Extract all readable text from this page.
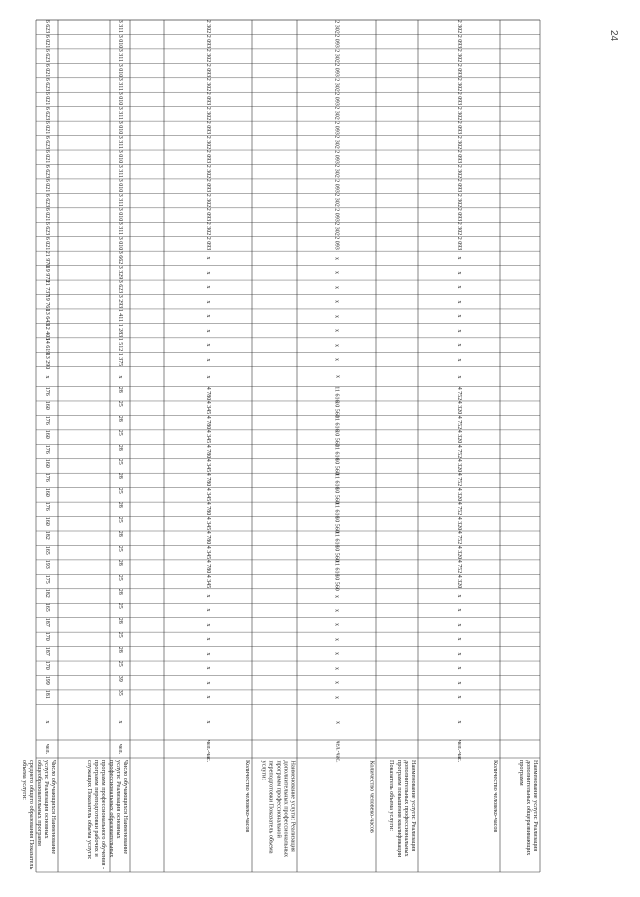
Число обучающихся Наименование услуги: Реализация основных общеобразовательных программ среднего общего образования Показатель объема услуги:
чел.
x
181
199
170
187
170
187
165
182
175
193
165
182
160
176
160
176
160
176
160
176
160
176
x
13 290
14 619
12 403
13 643
19 761
21 737
19 973
21 970
6 021
6 623
6 021
6 623
6 021
6 623
6 021
6 623
6 021
6 623
6 021
6 623
6 021
6 623
6 021
6 623
Число обучающихся Наименование услуги: Реализация основных профессиональных образовательных программ профессионального обучения - программ переподготовки рабочих и служащих Показатель объема услуги:
чел.
x
35
39
25
28
25
28
25
28
25
28
25
28
25
28
25
28
25
28
25
28
25
28
x
1 375
1 512
1 283
1 411
3 293
3 623
3 329
3 662
3 010
3 311
3 010
3 311
3 010
3 311
3 010
3 311
3 010
3 311
3 010
3 311
3 010
3 311
3 010
3 311
Количество человеко-часов
чел.-час.
x
x
x
x
x
x
x
x
x
4 345
4 780
4 345
4 780
4 345
4 780
4 345
4 780
4 345
4 780
4 345
4 780
4 345
4 780
x
x
x
x
x
x
x
x
x
2 093
2 302
2 093
2 302
2 093
2 302
2 093
2 302
2 093
2 302
2 093
2 302
2 093
2 302
2 093
2 302
Наименование услуги: Реализация дополнительных профессиональных программ профессиональной переподготовки Показатель объема услуги:	Количество человеко-часов
чел.-час.
x
x
x
x
x
x
x
x
x
10 560
11 616
10 560
11 616
10 560
11 616
10 560
11 616
10 560
11 616
10 560
11 616
10 560
11 616
x
x
x
x
x
x
x
x
x
2 093
2 302
2 093
2 302
2 093
2 302
2 093
2 302
2 093
2 302
2 093
2 302
2 093
2 302
2 093
2 302
Наименование услуги: Реализация дополнительных профессиональных программ повышения квалификации Показатель объема услуги:	Количество человеко-часов
чел.-час.
x
x
x
x
x
x
x
x
x
4 320
4 752
4 320
4 752
4 320
4 752
4 320
4 752
4 320
4 752
4 320
4 752
4 320
4 752
x
x
x
x
x
x
x
x
x
2 093
2 302
2 093
2 302
2 093
2 302
2 093
2 302
2 093
2 302
2 093
2 302
2 093
2 302
2 093
2 302
Наименование услуги: Реализация дополнительных общеразвивающих программ
24
